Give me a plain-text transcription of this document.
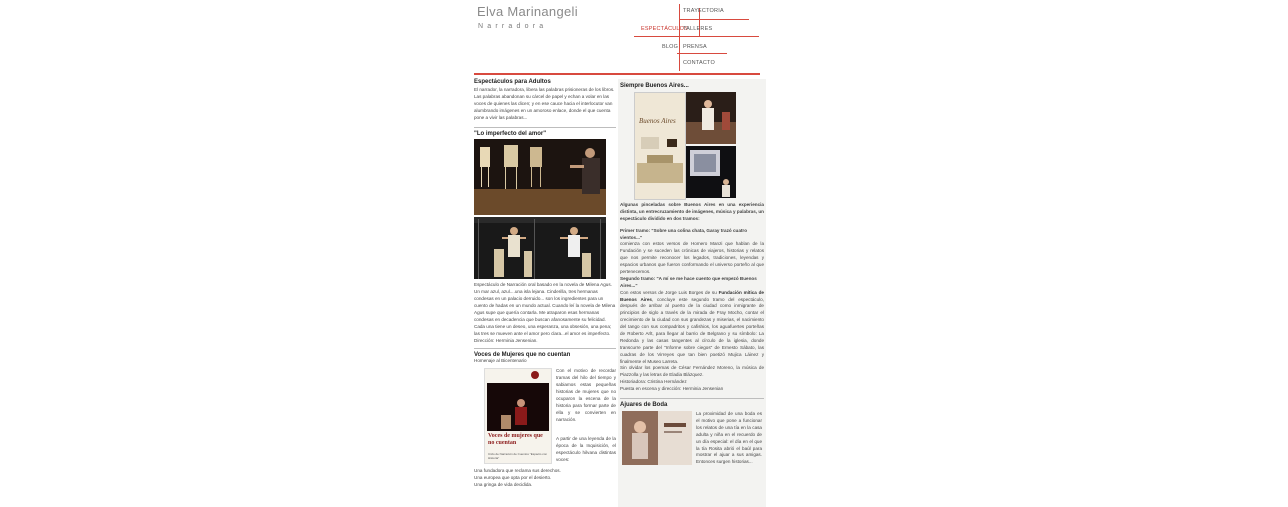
Elva Marinangeli
Narradora
TRAYECTORIA
ESPECTÁCULOS
TALLERES
BLOG PRENSA
CONTACTO
Espectáculos para Adultos

El narrador, la narradora, libera las palabras prisioneras de los libros. Las palabras abandonan su cárcel de papel y echan a volar en las voces de quienes las dicen; y en ese cauce hacia el interlocutor van alumbrando imágenes en un amoroso enlace, donde el que cuenta pone a vivir las palabras...

"Lo imperfecto del amor"

Espectáculo de Narración oral basado en la novela de Milena Agus. Un mar azul, azul....una isla lejana. Cinderilla, tres hermanas condesas en un palacio derruido... son los ingredientes para un cuento de hadas en un mundo actual. Cuando leí la novela de Milena Agus supe que quería contarla. Me atraparon esas hermanas condesas en decadencia que buscan afanosamente su felicidad. Cada una tiene un deseo, una esperanza, una obsesión, una pena; las tres se mueven ante el amor pero clara...el amor es imperfecto. Dirección: Herminia Jensenian.

Voces de Mujeres que no cuentan

Homenaje al Bicentenario

Voces de mujeres que no cuentan
Ciclo de Narración de Cuentos "Espacio con Historia"

Con el motivo de recordar tramas del hilo del tiempo y sabiamos estas pequeñas historias de mujeres que no ocuparon la escena de la historia para formar parte de ella y se convierten en narración.

A partir de una leyenda de la época de la Inquisición, el espectáculo hilvana distintas voces:

Una fundadora que reclama sus derechos.
Una europea que opta por el desierto.
Una gringa de vida decidida.
Siempre Buenos Aires...
Buenos Aires

Algunas pinceladas sobre Buenos Aires en una experiencia distinta, un entrecruzamiento de imágenes, música y palabras, un espectáculo dividido en dos tramos:

Primer tramo: "Sobre una colina chata, Garay trazó cuatro vientos..."

comienza con estos versos de Homero Manzi que hablan de la Fundación y se suceden las crónicas de viajeros, historias y relatos que nos permite reconocer los legados, tradiciones, leyendas y espacios urbanos que fueron conformando el universo porteño al que pertenecemos.

Segundo tramo: "A mí se me hace cuento que empezó Buenos Aires..."

Con estos versos de Jorge Luis Borges de su Fundación mítica de Buenos Aires, concluye este segundo tramo del espectáculo, después de arribar al puerto de la ciudad como inmigrante de principios de siglo a través de la mirada de Fray Mocho, contar el crecimiento de la ciudad con sus grandezas y miserias, el nacimiento del tango con sus compadritos y cafishios, los aguafuertes porteñas de Roberto Arlt, para llegar al barrio de Belgrano y su símbolo: La Redonda y las casas tangentes al círculo de la iglesia, donde transcurre parte del "Informe sobre ciegos" de Ernesto Sábato, las cuadras de los Virreyes que tan bien poetizó Mujica Láinez y finalmente el Museo Larreta.

Sin olvidar los poemas de César Fernández Moreno, la música de Piazzolla y las letras de Eladia Blázquez.

Historiadora: Cristina Hernández

Puesta en escena y dirección: Herminia Jensenian

Ajuares de Boda

La proximidad de una boda es el motivo que pone a funcionar los relatos de una tía en la casa adulta y niña en el recuerdo de un día especial: el día en el que la tía Rosita abrió el baúl para mostrar el ajuar a sus amigas. Entonces surgen historias...
